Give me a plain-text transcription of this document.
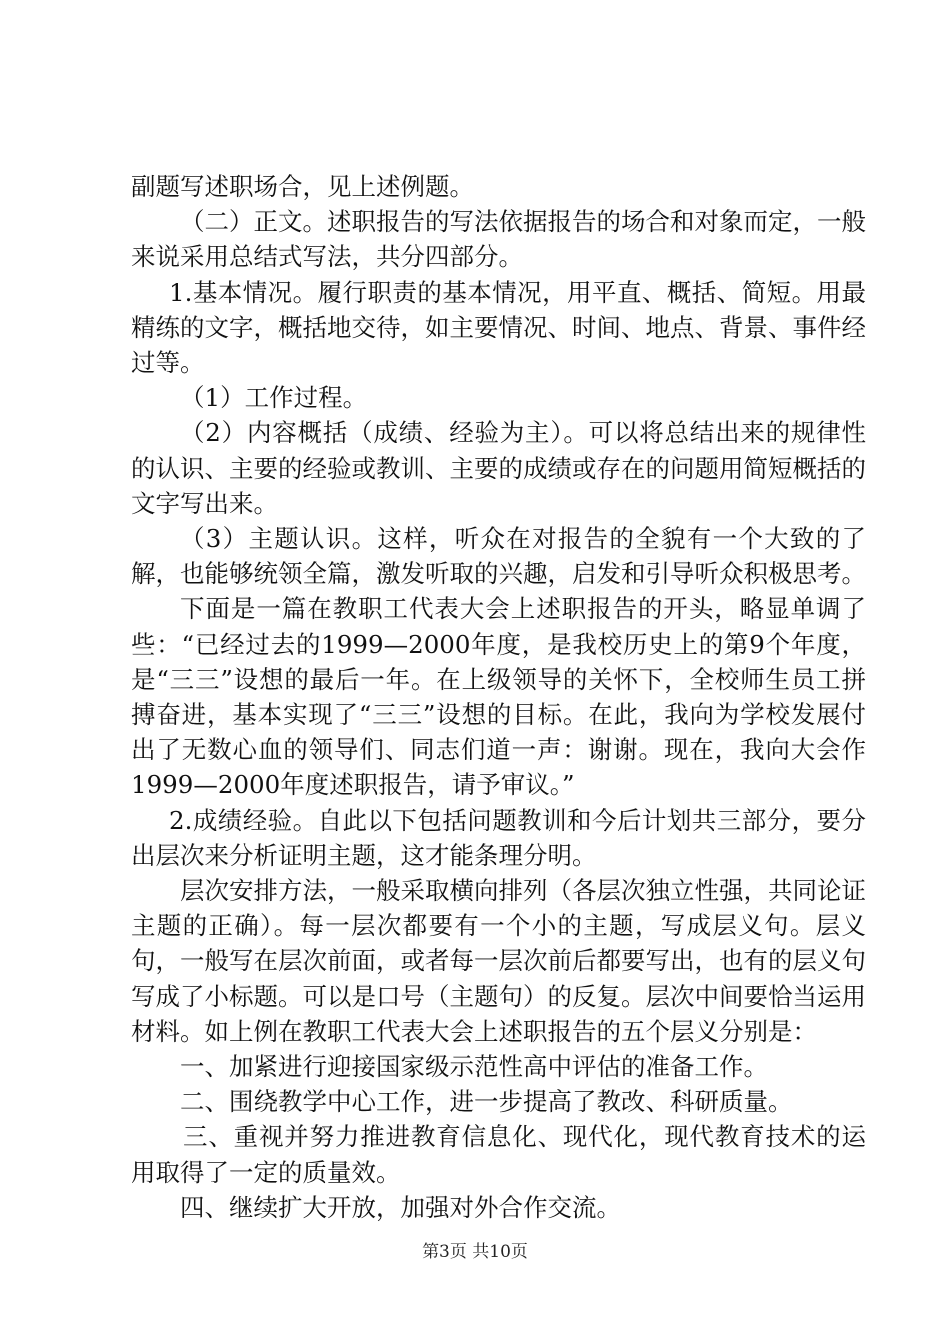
副题写述职场合，见上述例题。

（二）正文。述职报告的写法依据报告的场合和对象而定，一般来说采用总结式写法，共分四部分。

1.基本情况。履行职责的基本情况，用平直、概括、简短。用最精练的文字，概括地交待，如主要情况、时间、地点、背景、事件经过等。

（1）工作过程。

（2）内容概括（成绩、经验为主）。可以将总结出来的规律性的认识、主要的经验或教训、主要的成绩或存在的问题用简短概括的文字写出来。

（3）主题认识。这样，听众在对报告的全貌有一个大致的了解，也能够统领全篇，激发听取的兴趣，启发和引导听众积极思考。

下面是一篇在教职工代表大会上述职报告的开头，略显单调了些：“已经过去的1999—2000年度，是我校历史上的第9个年度，是“三三”设想的最后一年。在上级领导的关怀下，全校师生员工拼搏奋进，基本实现了“三三”设想的目标。在此，我向为学校发展付出了无数心血的领导们、同志们道一声：谢谢。现在，我向大会作1999—2000年度述职报告，请予审议。”

2.成绩经验。自此以下包括问题教训和今后计划共三部分，要分出层次来分析证明主题，这才能条理分明。

层次安排方法，一般采取横向排列（各层次独立性强，共同论证主题的正确）。每一层次都要有一个小的主题，写成层义句。层义句，一般写在层次前面，或者每一层次前后都要写出，也有的层义句写成了小标题。可以是口号（主题句）的反复。层次中间要恰当运用材料。如上例在教职工代表大会上述职报告的五个层义分别是：

一、加紧进行迎接国家级示范性高中评估的准备工作。

二、围绕教学中心工作，进一步提高了教改、科研质量。

三、重视并努力推进教育信息化、现代化，现代教育技术的运用取得了一定的质量效。

四、继续扩大开放，加强对外合作交流。

第3页 共10页
